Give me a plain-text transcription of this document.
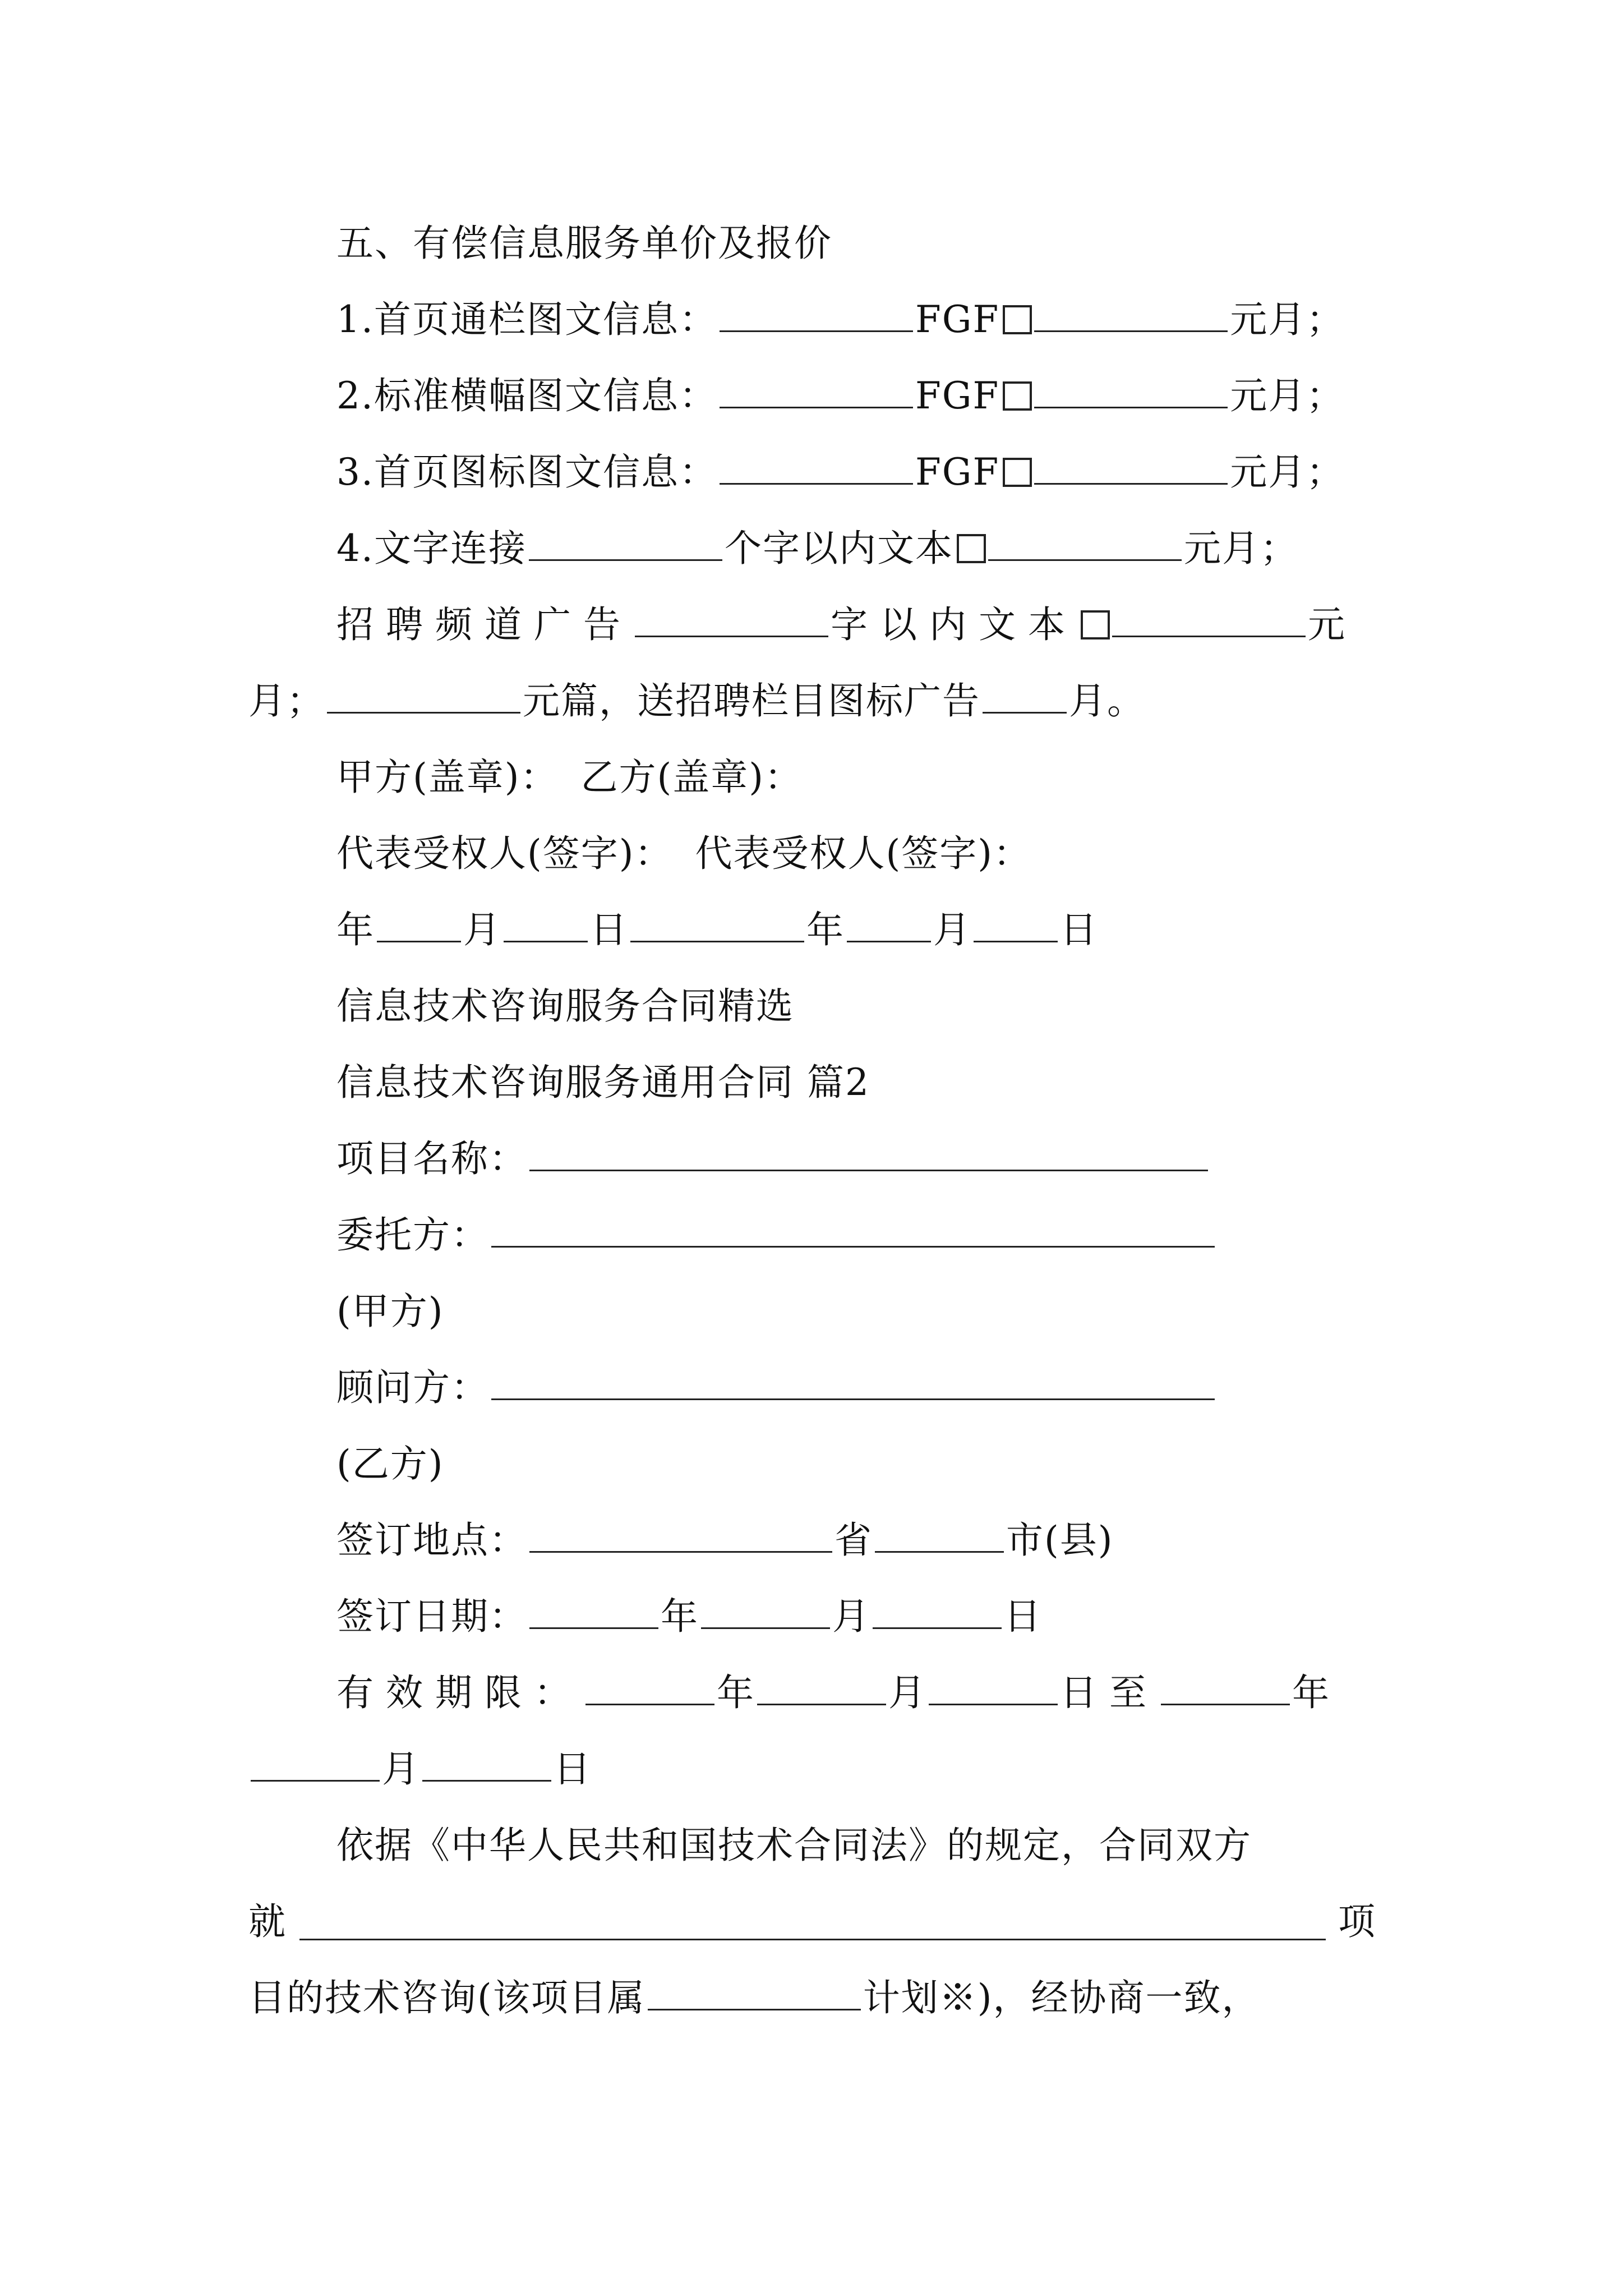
五、有偿信息服务单价及报价
1.首页通栏图文信息：	FGF	元月；
2.标准横幅图文信息：	FGF	元月；
3.首页图标图文信息：	FGF	元月；
4.文字连接	个字以内文本	元月；
招聘频道广告	字以内文本	元
月；	元篇，送招聘栏目图标广告 月。
甲方(盖章)： 乙方(盖章)：
代表受权人(签字)： 代表受权人(签字)：
年 月 日	年 月 日
信息技术咨询服务合同精选
信息技术咨询服务通用合同 篇2
项目名称：
委托方：
(甲方)
顾问方：
(乙方)
签订地点：	省	市(县)
签订日期：	年	月	日
有效期限：	年	月	日至	年
月	日
依据《中华人民共和国技术合同法》的规定，合同双方
就	项
目的技术咨询(该项目属	计划※)，经协商一致，
